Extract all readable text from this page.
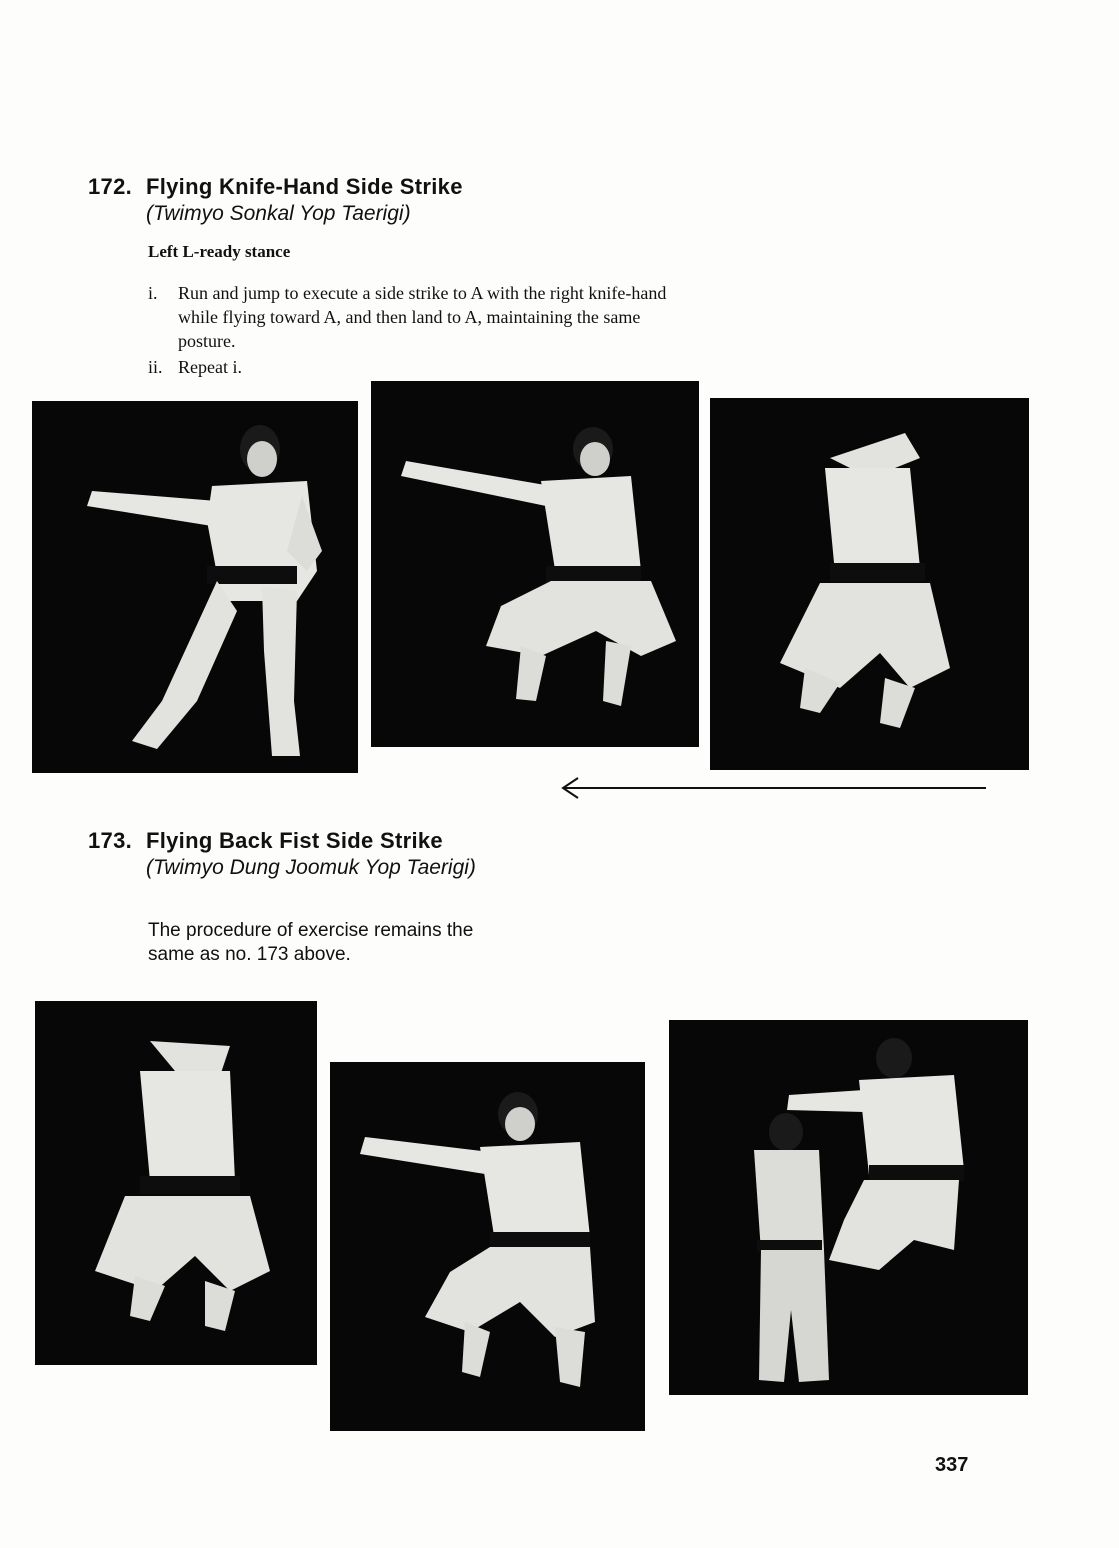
172. Flying Knife-Hand Side Strike
(Twimyo Sonkal Yop Taerigi)
Left L-ready stance
i. Run and jump to execute a side strike to A with the right knife-hand
while flying toward A, and then land to A, maintaining the same
posture.
ii. Repeat i.
173. Flying Back Fist Side Strike
(Twimyo Dung Joomuk Yop Taerigi)
The procedure of exercise remains the
same as no. 173 above.
337
